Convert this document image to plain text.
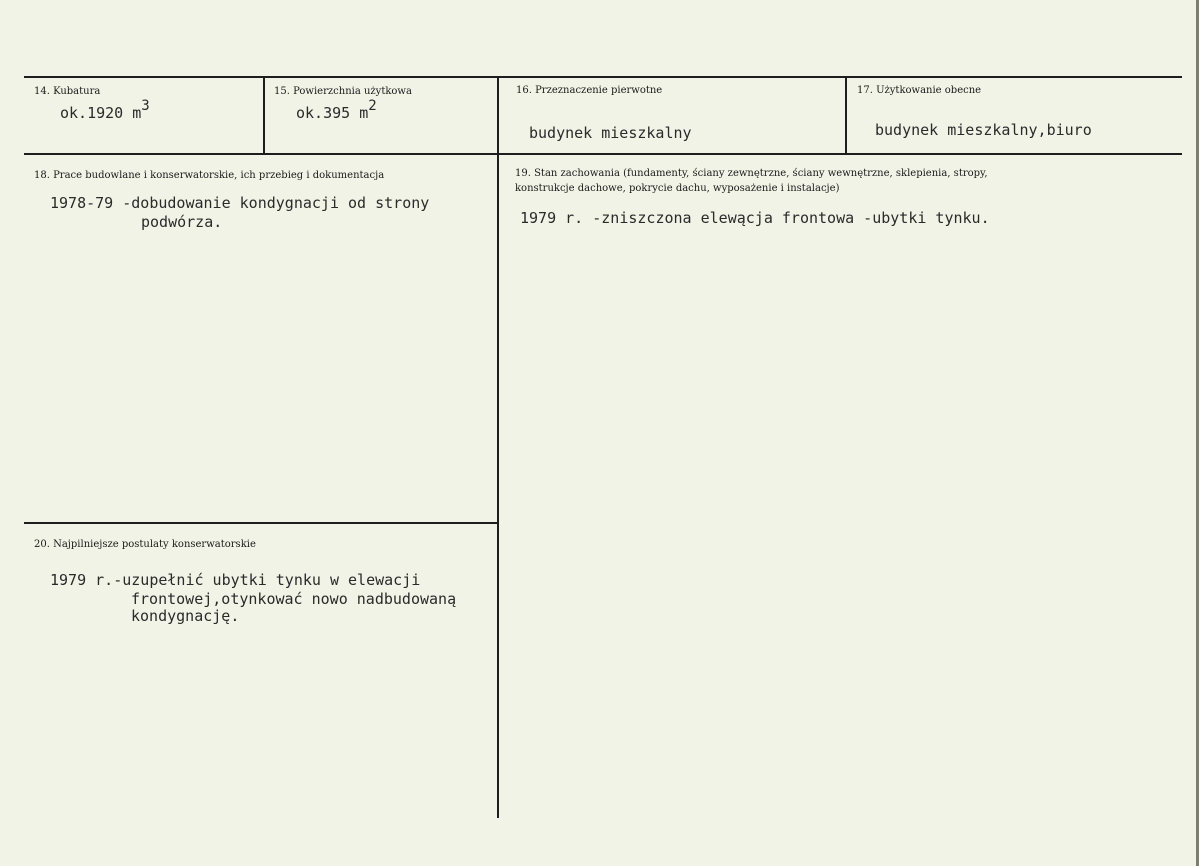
14. Kubatura
ok.1920 $m^3$
15. Powierzchnia użytkowa
ok.395 $m^2$
16. Przeznaczenie pierwotne
budynek mieszkalny
17. Użytkowanie obecne
budynek mieszkalny,biuro
18. Prace budowlane i konserwatorskie, ich przebieg i dokumentacja
1978-79 -dobudowanie kondygnacji od strony
podwórza.
19. Stan zachowania (fundamenty, ściany zewnętrzne, ściany wewnętrzne, sklepienia, stropy,
konstrukcje dachowe, pokrycie dachu, wyposażenie i instalacje)
1979 r. -zniszczona elewącja frontowa -ubytki tynku.
20. Najpilniejsze postulaty konserwatorskie
1979 r.-uzupełnić ubytki tynku w elewacji
frontowej,otynkować nowo nadbudowaną
kondygnację.
